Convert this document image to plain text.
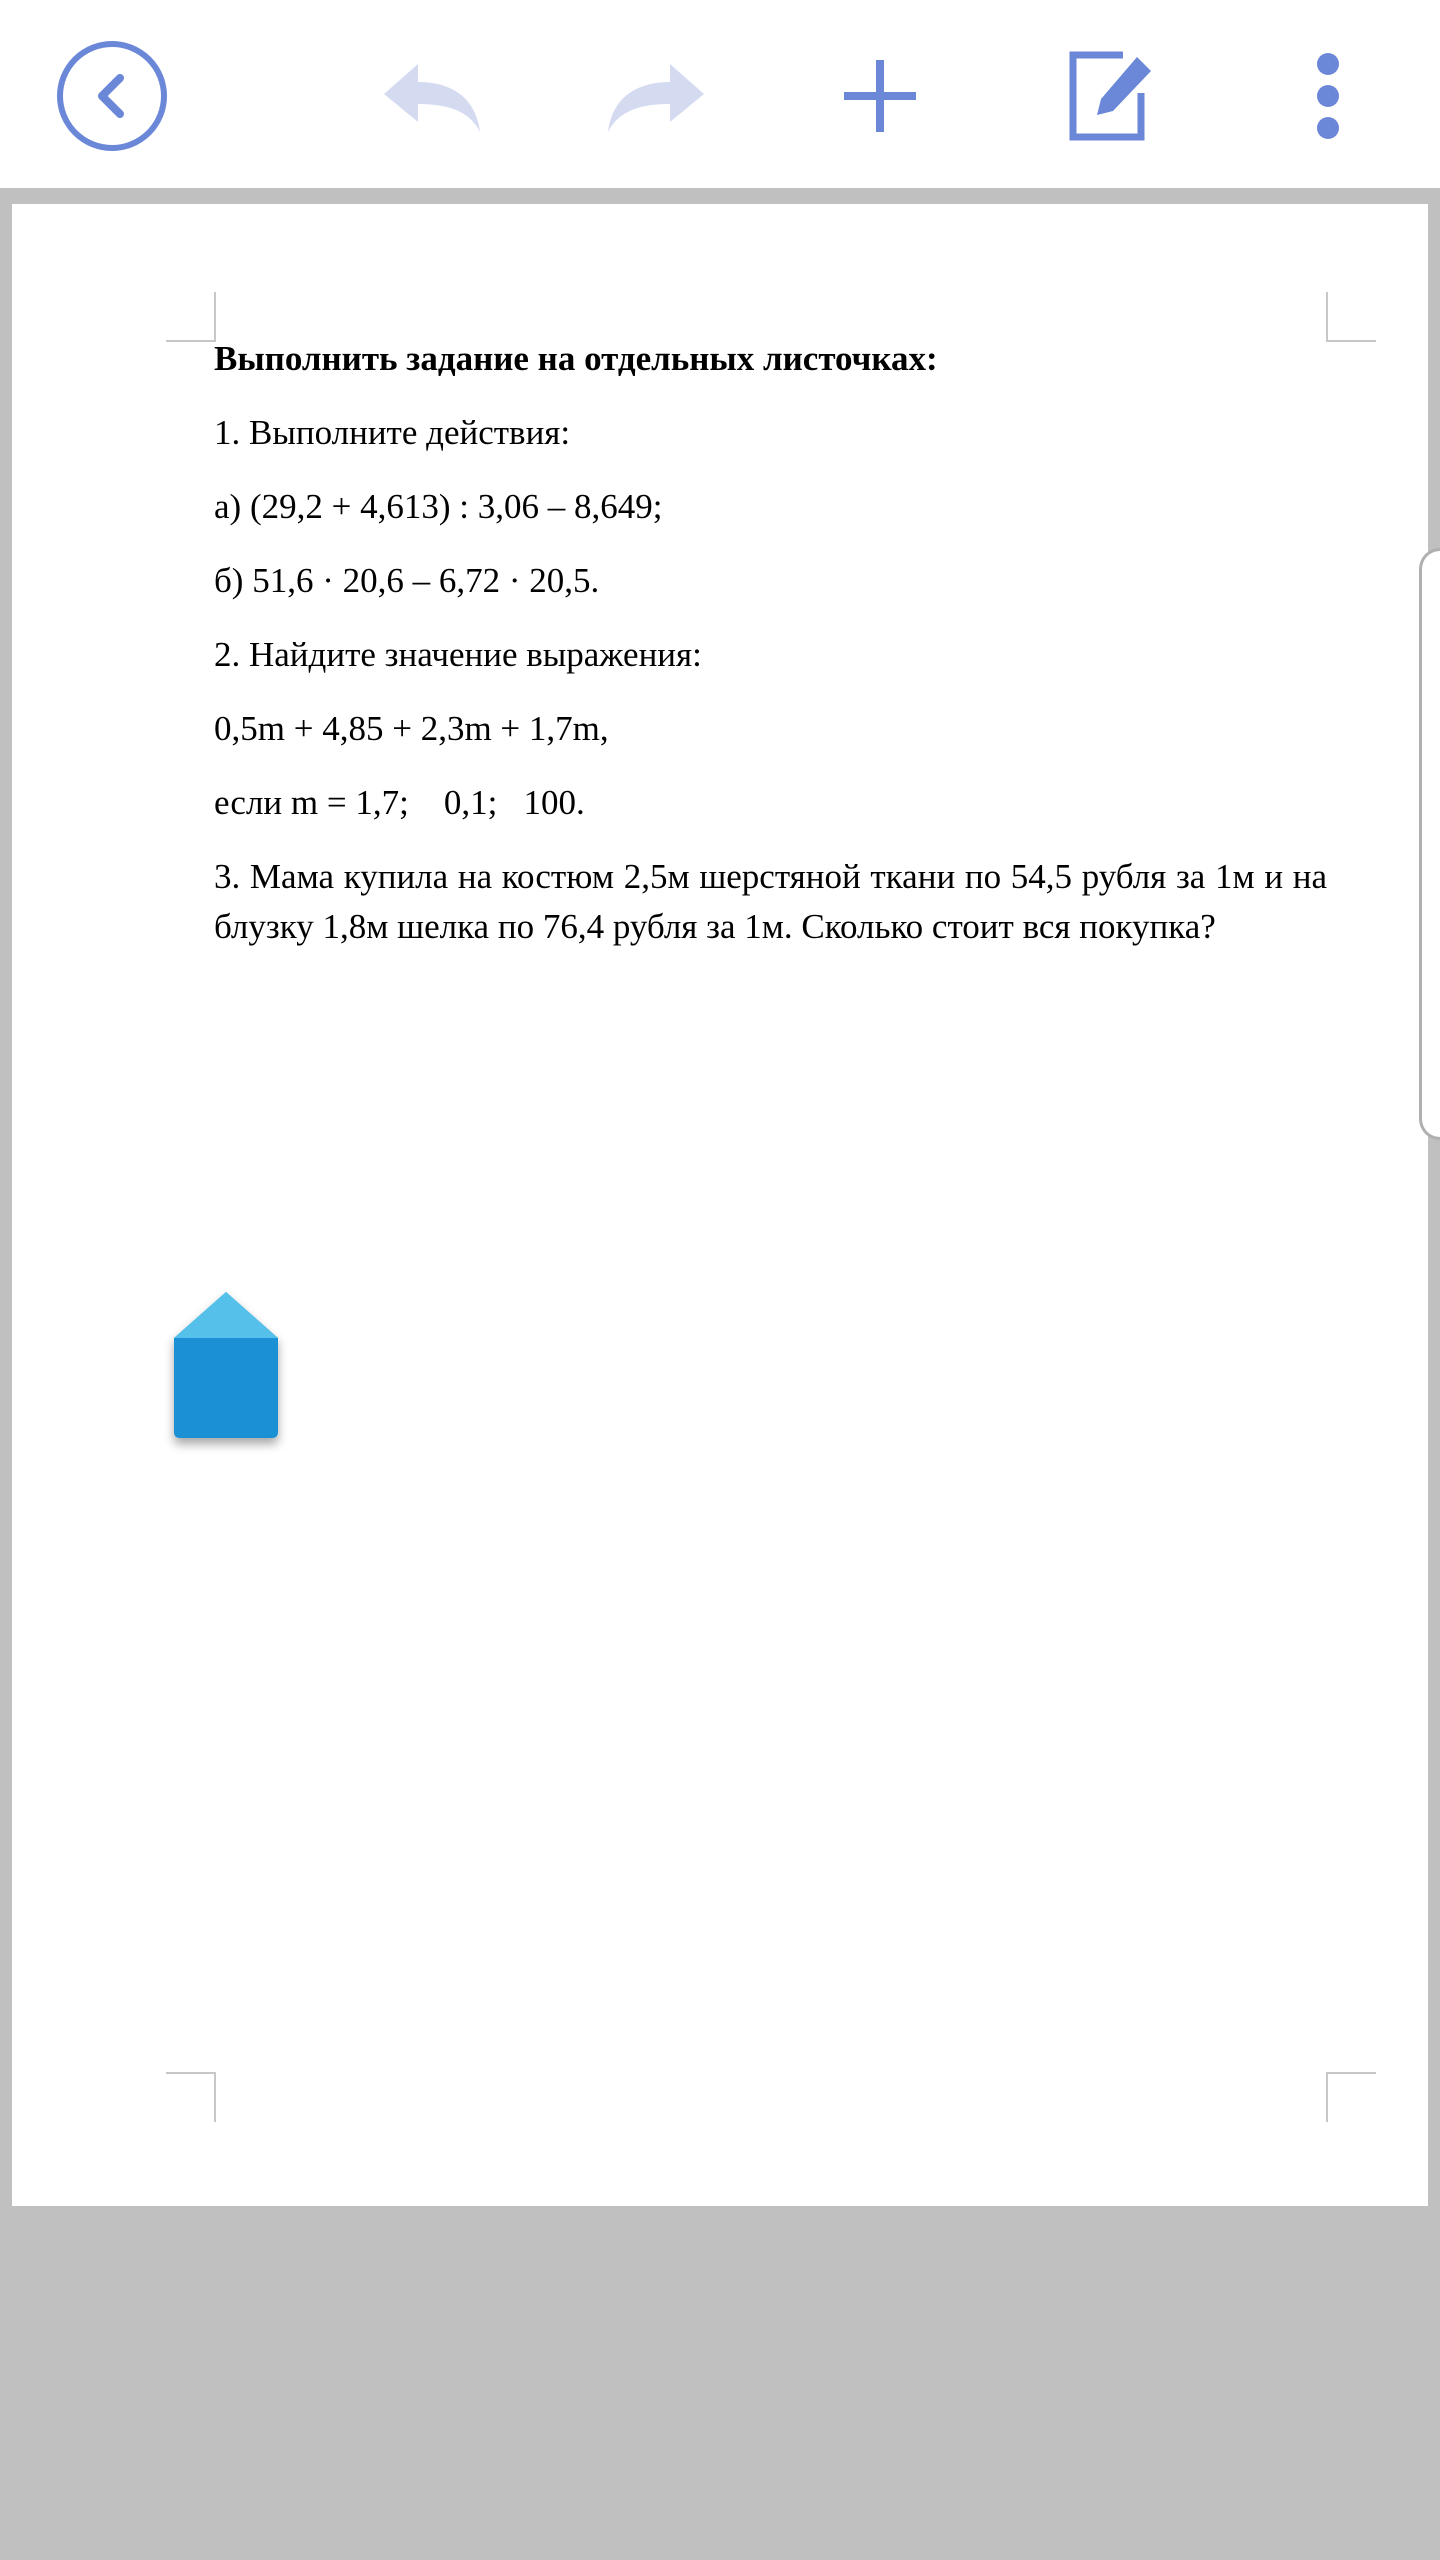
Выполнить задание на отдельных листочках:

1. Выполните действия:

а) (29,2 + 4,613) : 3,06 – 8,649;

б) 51,6 · 20,6 – 6,72 · 20,5.

2. Найдите значение выражения:

0,5m + 4,85 + 2,3m + 1,7m,

если m = 1,7;    0,1;   100.

3. Мама купила на костюм 2,5м шерстяной ткани по 54,5 рубля за 1м и на блузку 1,8м шелка по 76,4 рубля за 1м. Сколько стоит вся покупка?
